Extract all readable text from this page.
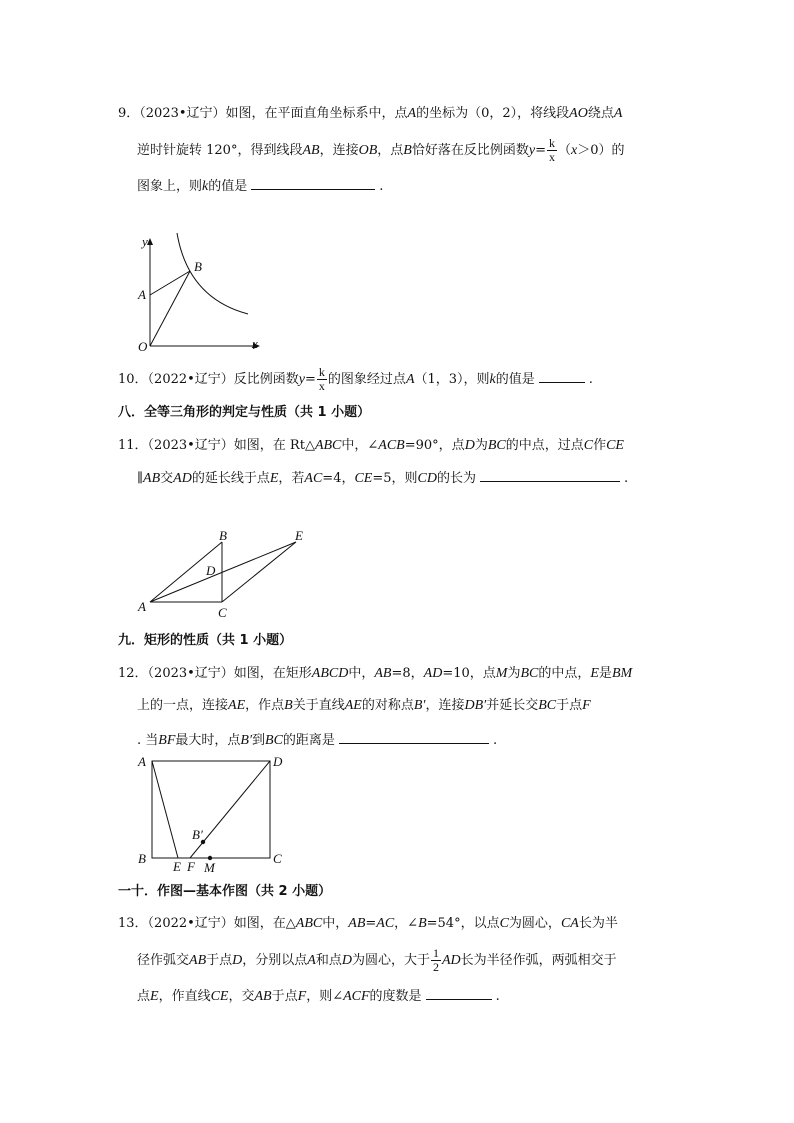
9．（2023•辽宁）如图，在平面直角坐标系中，点A的坐标为（0，2），将线段AO绕点A
逆时针旋转 120°，得到线段AB，连接OB，点B恰好落在反比例函数$y= \frac{k}{x} (x>0)$的
图象上，则k的值是	.
y
x
O
A
B
10．（2022•辽宁）反比例函数$y= \frac{k}{x}$ 的图象经过点A（1，3），则k的值是	.
八．全等三角形的判定与性质（共 1 小题）
11．（2023•辽宁）如图，在 Rt△ABC中，∠ACB=90°，点D为BC的中点，过点C作CE
∥AB交AD的延长线于点E，若AC=4，CE=5，则CD的长为	.
A
B
C
D
E
九．矩形的性质（共 1 小题）
12．（2023•辽宁）如图，在矩形ABCD中，AB=8，AD=10，点M为BC的中点，E是BM
上的一点，连接AE，作点B关于直线AE的对称点B′，连接DB′并延长交BC于点F
. 当BF最大时，点B′到BC的距离是	.
A	D
B	C
E F M
B′
一十．作图—基本作图（共 2 小题）
13．（2022•辽宁）如图，在△ABC中，AB=AC，∠B=54°，以点C为圆心，CA长为半
径作弧交AB于点D，分别以点A和点D为圆心，大于 $\frac{1}{2}$ AD长为半径作弧，两弧相交于
点E，作直线CE，交AB于点F，则∠ACF的度数是	.
